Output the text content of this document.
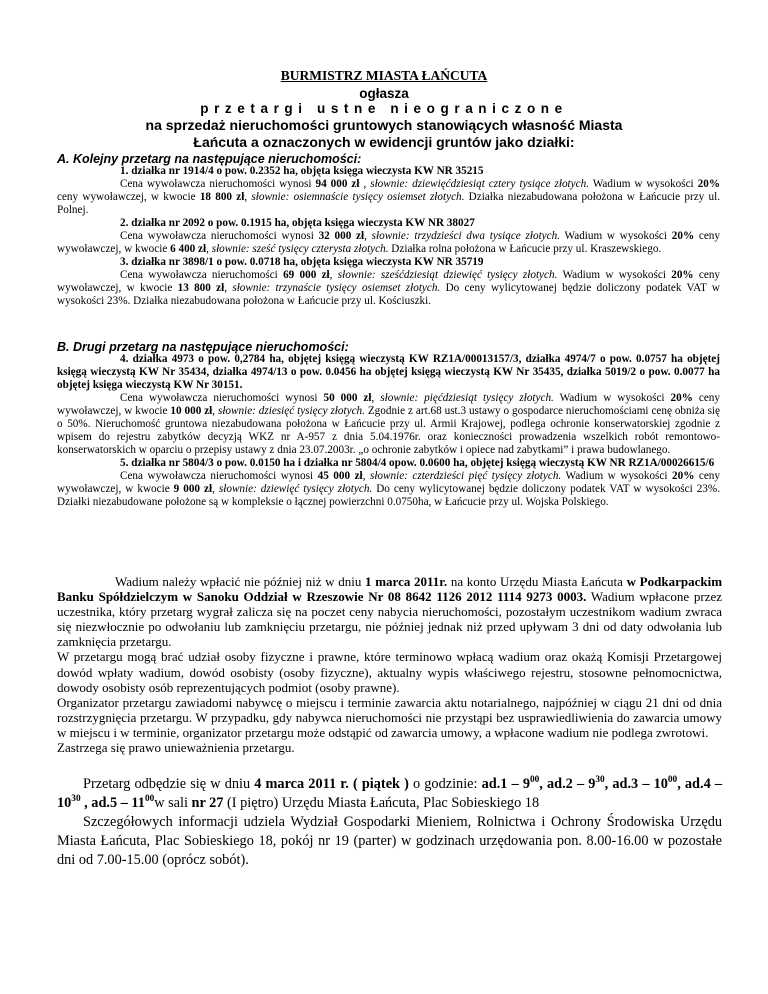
BURMISTRZ MIASTA ŁAŃCUTA
ogłasza
przetargi ustne nieograniczone
na sprzedaż nieruchomości gruntowych stanowiących własność Miasta
Łańcuta a oznaczonych w ewidencji gruntów jako działki:
A. Kolejny przetarg na następujące nieruchomości:

1. działka nr 1914/4 o pow. 0.2352 ha, objęta księga wieczysta KW NR 35215

Cena wywoławcza nieruchomości wynosi 94 000 zł , słownie: dziewięćdziesiąt cztery tysiące złotych. Wadium w wysokości 20% ceny wywoławczej, w kwocie 18 800 zł, słownie: osiemnaście tysięcy osiemset złotych. Działka niezabudowana położona w Łańcucie przy ul. Polnej.

2. działka nr 2092 o pow. 0.1915 ha, objęta księga wieczysta KW NR 38027

Cena wywoławcza nieruchomości wynosi 32 000 zł, słownie: trzydzieści dwa tysiące złotych. Wadium w wysokości 20% ceny wywoławczej, w kwocie 6 400 zł, słownie: sześć tysięcy czterysta złotych. Działka rolna położona w Łańcucie przy ul. Kraszewskiego.

3. działka nr 3898/1 o pow. 0.0718 ha, objęta księga wieczysta KW NR 35719

Cena wywoławcza nieruchomości 69 000 zł, słownie: sześćdziesiąt dziewięć tysięcy złotych. Wadium w wysokości 20% ceny wywoławczej, w kwocie 13 800 zł, słownie: trzynaście tysięcy osiemset złotych. Do ceny wylicytowanej będzie doliczony podatek VAT w wysokości 23%. Działka niezabudowana położona w Łańcucie przy ul. Kościuszki.

B. Drugi przetarg na następujące nieruchomości:

4. działka 4973 o pow. 0,2784 ha, objętej księgą wieczystą KW RZ1A/00013157/3, działka 4974/7 o pow. 0.0757 ha objętej księgą wieczystą KW Nr 35434, działka 4974/13 o pow. 0.0456 ha objętej księgą wieczystą KW Nr 35435, działka 5019/2 o pow. 0.0077 ha objętej księga wieczystą KW Nr 30151.

Cena wywoławcza nieruchomości wynosi 50 000 zł, słownie: pięćdziesiąt tysięcy złotych. Wadium w wysokości 20% ceny wywoławczej, w kwocie 10 000 zł, słownie: dziesięć tysięcy złotych. Zgodnie z art.68 ust.3 ustawy o gospodarce nieruchomościami cenę obniża się o 50%. Nieruchomość gruntowa niezabudowana położona w Łańcucie przy ul. Armii Krajowej, podlega ochronie konserwatorskiej zgodnie z wpisem do rejestru zabytków decyzją WKZ nr A-957 z dnia 5.04.1976r. oraz konieczności prowadzenia wszelkich robót remontowo-konserwatorskich w oparciu o przepisy ustawy z dnia 23.07.2003r. „o ochronie zabytków i opiece nad zabytkami” i prawa budowlanego.

5. działka nr 5804/3 o pow. 0.0150 ha i działka nr 5804/4 opow. 0.0600 ha, objętej księgą wieczystą KW NR RZ1A/00026615/6

Cena wywoławcza nieruchomości wynosi 45 000 zł, słownie: czterdzieści pięć tysięcy złotych. Wadium w wysokości 20% ceny wywoławczej, w kwocie 9 000 zł, słownie: dziewięć tysięcy złotych. Do ceny wylicytowanej będzie doliczony podatek VAT w wysokości 23%. Działki niezabudowane położone są w kompleksie o łącznej powierzchni 0.0750ha, w Łańcucie przy ul. Wojska Polskiego.

Wadium należy wpłacić nie później niż w dniu 1 marca 2011r. na konto Urzędu Miasta Łańcuta w Podkarpackim Banku Spółdzielczym w Sanoku Oddział w Rzeszowie Nr 08 8642 1126 2012 1114 9273 0003. Wadium wpłacone przez uczestnika, który przetarg wygrał zalicza się na poczet ceny nabycia nieruchomości, pozostałym uczestnikom wadium zwraca się niezwłocznie po odwołaniu lub zamknięciu przetargu, nie później jednak niż przed upływam 3 dni od daty odwołania lub zamknięcia przetargu.

W przetargu mogą brać udział osoby fizyczne i prawne, które terminowo wpłacą wadium oraz okażą Komisji Przetargowej dowód wpłaty wadium, dowód osobisty (osoby fizyczne), aktualny wypis właściwego rejestru, stosowne pełnomocnictwa, dowody osobisty osób reprezentujących podmiot (osoby prawne).

Organizator przetargu zawiadomi nabywcę o miejscu i terminie zawarcia aktu notarialnego, najpóźniej w ciągu 21 dni od dnia rozstrzygnięcia przetargu. W przypadku, gdy nabywca nieruchomości nie przystąpi bez usprawiedliwienia do zawarcia umowy w miejscu i w terminie, organizator przetargu może odstąpić od zawarcia umowy, a wpłacone wadium nie podlega zwrotowi.

Zastrzega się prawo unieważnienia przetargu.

Przetarg odbędzie się w dniu 4 marca 2011 r. ( piątek ) o godzinie: $ad.1 - 9^{00}$, $ad.2 - 9^{30}$, $ad.3 - 10^{00}$, $ad.4 - 10^{30}$ , $ad.5 - 11^{00}w$ sali nr 27 (I piętro) Urzędu Miasta Łańcuta, Plac Sobieskiego 18

Szczegółowych informacji udziela Wydział Gospodarki Mieniem, Rolnictwa i Ochrony Środowiska Urzędu Miasta Łańcuta, Plac Sobieskiego 18, pokój nr 19 (parter) w godzinach urzędowania pon. 8.00-16.00 w pozostałe dni od 7.00-15.00 (oprócz sobót).
